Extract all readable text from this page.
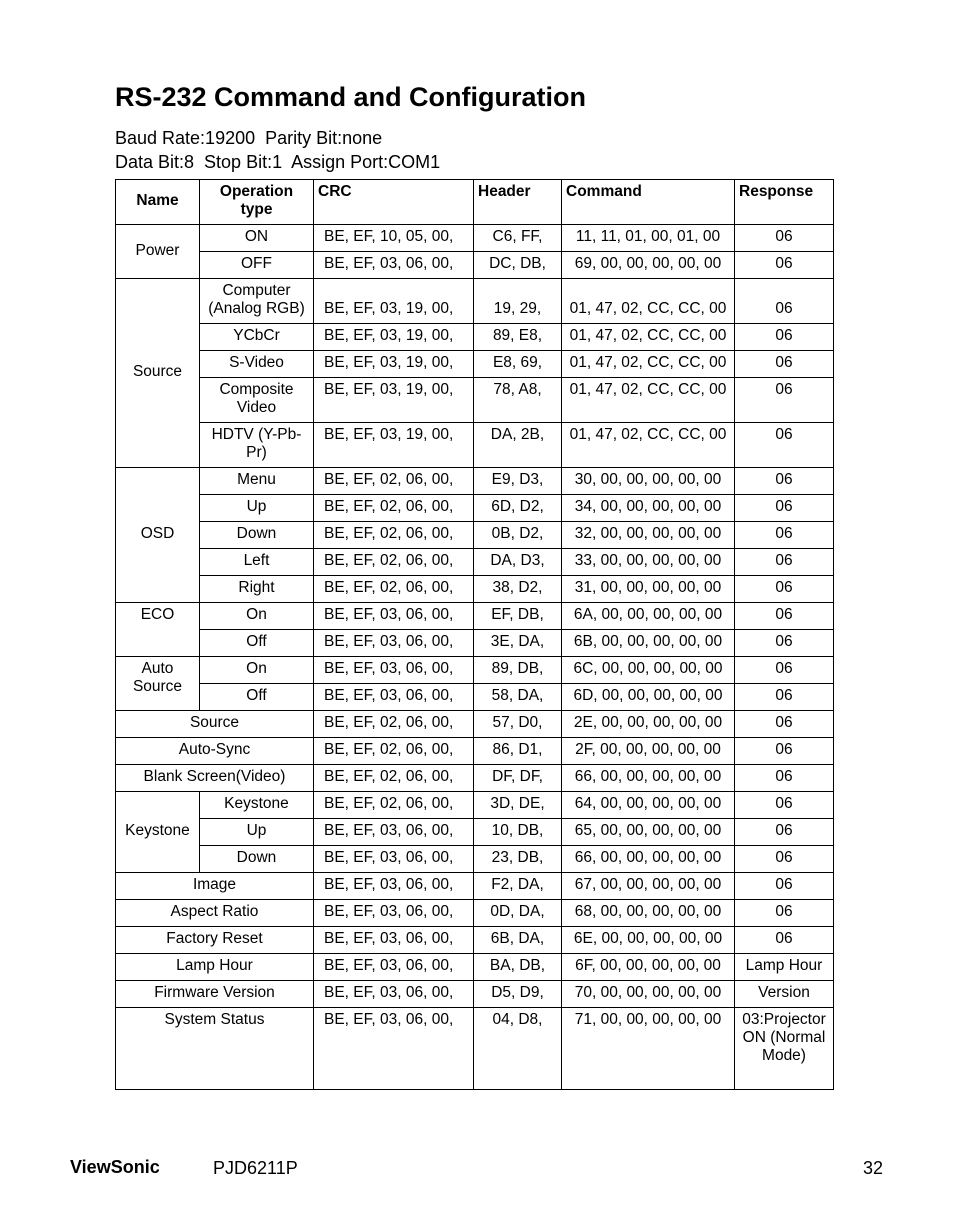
RS-232 Command and Configuration
Baud Rate:19200  Parity Bit:none
Data Bit:8  Stop Bit:1  Assign Port:COM1
Name	Operation type	CRC	Header	Command	Response
Power	ON	BE, EF, 10, 05, 00,	C6, FF,	11, 11, 01, 00, 01, 00	06
	OFF	BE, EF, 03, 06, 00,	DC, DB,	69, 00, 00, 00, 00, 00	06
Source	Computer (Analog RGB)	BE, EF, 03, 19, 00,	19, 29,	01, 47, 02, CC, CC, 00	06
	YCbCr	BE, EF, 03, 19, 00,	89, E8,	01, 47, 02, CC, CC, 00	06
	S-Video	BE, EF, 03, 19, 00,	E8, 69,	01, 47, 02, CC, CC, 00	06
	Composite Video	BE, EF, 03, 19, 00,	78, A8,	01, 47, 02, CC, CC, 00	06
	HDTV (Y-Pb-Pr)	BE, EF, 03, 19, 00,	DA, 2B,	01, 47, 02, CC, CC, 00	06
OSD	Menu	BE, EF, 02, 06, 00,	E9, D3,	30, 00, 00, 00, 00, 00	06
	Up	BE, EF, 02, 06, 00,	6D, D2,	34, 00, 00, 00, 00, 00	06
	Down	BE, EF, 02, 06, 00,	0B, D2,	32, 00, 00, 00, 00, 00	06
	Left	BE, EF, 02, 06, 00,	DA, D3,	33, 00, 00, 00, 00, 00	06
	Right	BE, EF, 02, 06, 00,	38, D2,	31, 00, 00, 00, 00, 00	06
ECO	On	BE, EF, 03, 06, 00,	EF, DB,	6A, 00, 00, 00, 00, 00	06
	Off	BE, EF, 03, 06, 00,	3E, DA,	6B, 00, 00, 00, 00, 00	06
Auto Source	On	BE, EF, 03, 06, 00,	89, DB,	6C, 00, 00, 00, 00, 00	06
	Off	BE, EF, 03, 06, 00,	58, DA,	6D, 00, 00, 00, 00, 00	06
Source		BE, EF, 02, 06, 00,	57, D0,	2E, 00, 00, 00, 00, 00	06
Auto-Sync		BE, EF, 02, 06, 00,	86, D1,	2F, 00, 00, 00, 00, 00	06
Blank Screen(Video)		BE, EF, 02, 06, 00,	DF, DF,	66, 00, 00, 00, 00, 00	06
Keystone	Keystone	BE, EF, 02, 06, 00,	3D, DE,	64, 00, 00, 00, 00, 00	06
	Up	BE, EF, 03, 06, 00,	10, DB,	65, 00, 00, 00, 00, 00	06
	Down	BE, EF, 03, 06, 00,	23, DB,	66, 00, 00, 00, 00, 00	06
Image		BE, EF, 03, 06, 00,	F2, DA,	67, 00, 00, 00, 00, 00	06
Aspect Ratio		BE, EF, 03, 06, 00,	0D, DA,	68, 00, 00, 00, 00, 00	06
Factory Reset		BE, EF, 03, 06, 00,	6B, DA,	6E, 00, 00, 00, 00, 00	06
Lamp Hour		BE, EF, 03, 06, 00,	BA, DB,	6F, 00, 00, 00, 00, 00	Lamp Hour
Firmware Version		BE, EF, 03, 06, 00,	D5, D9,	70, 00, 00, 00, 00, 00	Version
System Status		BE, EF, 03, 06, 00,	04, D8,	71, 00, 00, 00, 00, 00	03:Projector ON (Normal Mode)
ViewSonic	PJD6211P	32
